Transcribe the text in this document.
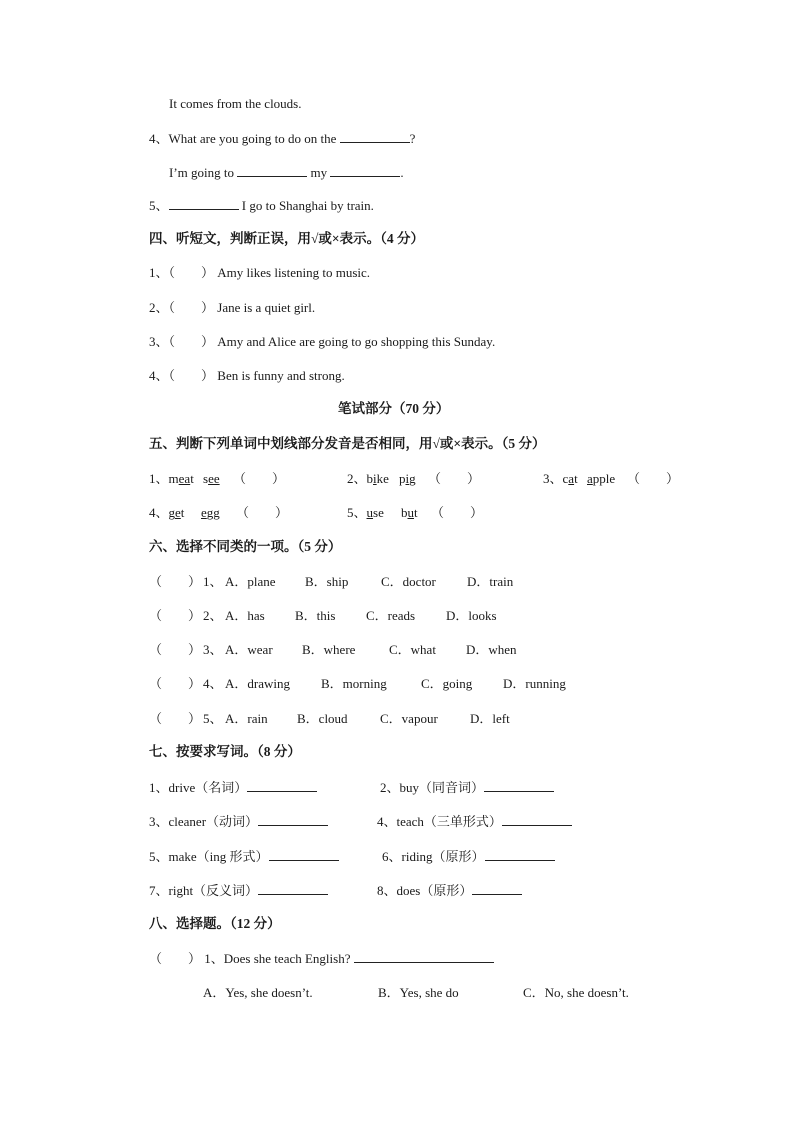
It comes from the clouds.
4、What are you going to do on the	?
I’m going to	my	.
5、	I go to Shanghai by train.
四、听短文，判断正误，用√或×表示。（4 分）
1、（　　） Amy likes listening to music.
2、（　　） Jane is a quiet girl.
3、（　　） Amy and Alice are going to go shopping this Sunday.
4、（　　） Ben is funny and strong.
笔试部分（70 分）
五、判断下列单词中划线部分发音是否相同，用√或×表示。（5 分）
1、meat see （　　）	2、bike pig （　　）	3、cat apple （　　）
4、get egg （　　）	5、use but （　　）
六、选择不同类的一项。（5 分）
（　　） 1、 A．plane B．ship	C．doctor D．train
（　　） 2、 A．has B．this C．reads D．looks
（　　） 3、 A．wear B．where	C．what D．when
（　　） 4、 A．drawing B．morning	C．going D．running
（　　） 5、 A．rain B．cloud C．vapour D．left
七、按要求写词。（8 分）
1、drive（名词）	2、buy（同音词）
3、cleaner（动词）	4、teach（三单形式）
5、make（ing 形式）	6、riding（原形）
7、right（反义词）	8、does（原形）
八、选择题。（12 分）
（　　） 1、Does she teach English?
A．Yes, she doesn’t.	B．Yes, she do	C．No, she doesn’t.
